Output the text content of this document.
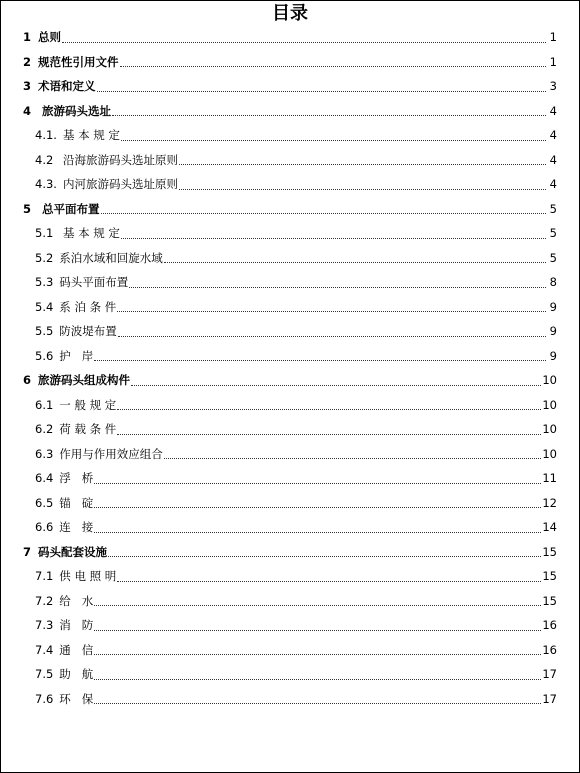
目录
1 总则	1
2 规范性引用文件	1
3 术语和定义	3
4 旅游码头选址	4
4.1. 基 本 规 定	4
4.2 沿海旅游码头选址原则	4
4.3. 内河旅游码头选址原则	4
5 总平面布置	5
5.1 基 本 规 定	5
5.2 系泊水域和回旋水域	5
5.3 码头平面布置	8
5.4 系 泊 条 件	9
5.5 防波堤布置	9
5.6 护   岸	9
6 旅游码头组成构件	10
6.1 一 般 规 定	10
6.2 荷 载 条 件	10
6.3 作用与作用效应组合	10
6.4 浮   桥	11
6.5 锚   碇	12
6.6 连   接	14
7 码头配套设施	15
7.1 供 电 照 明	15
7.2 给   水	15
7.3 消   防	16
7.4 通   信	16
7.5 助   航	17
7.6 环   保	17
